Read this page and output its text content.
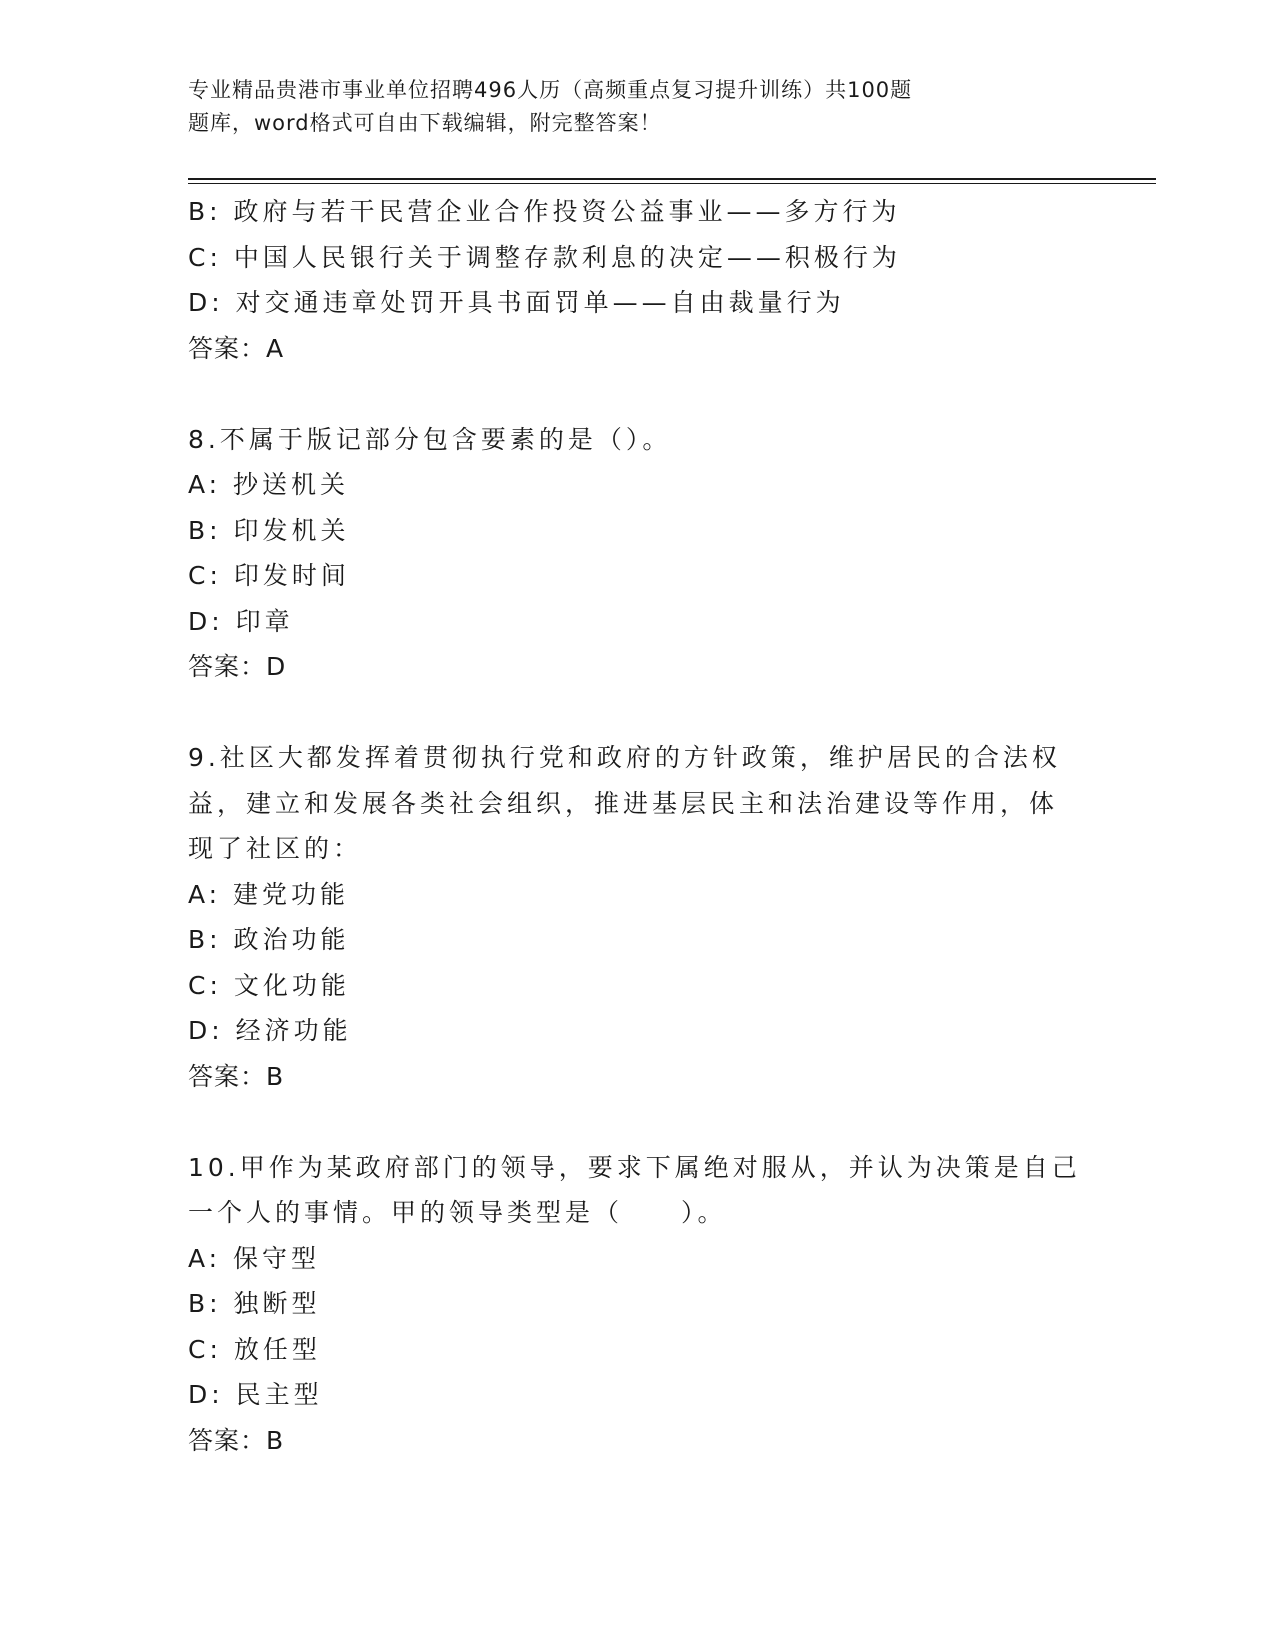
专业精品贵港市事业单位招聘496人历（高频重点复习提升训练）共100题
题库，word格式可自由下载编辑，附完整答案！
B: 政府与若干民营企业合作投资公益事业——多方行为
C: 中国人民银行关于调整存款利息的决定——积极行为
D: 对交通违章处罚开具书面罚单——自由裁量行为
答案：A
8.不属于版记部分包含要素的是（）。
A: 抄送机关
B: 印发机关
C: 印发时间
D: 印章
答案：D
9.社区大都发挥着贯彻执行党和政府的方针政策，维护居民的合法权
益，建立和发展各类社会组织，推进基层民主和法治建设等作用，体
现了社区的：
A: 建党功能
B: 政治功能
C: 文化功能
D: 经济功能
答案：B
10.甲作为某政府部门的领导，要求下属绝对服从，并认为决策是自己
一个人的事情。甲的领导类型是（　　）。
A: 保守型
B: 独断型
C: 放任型
D: 民主型
答案：B
